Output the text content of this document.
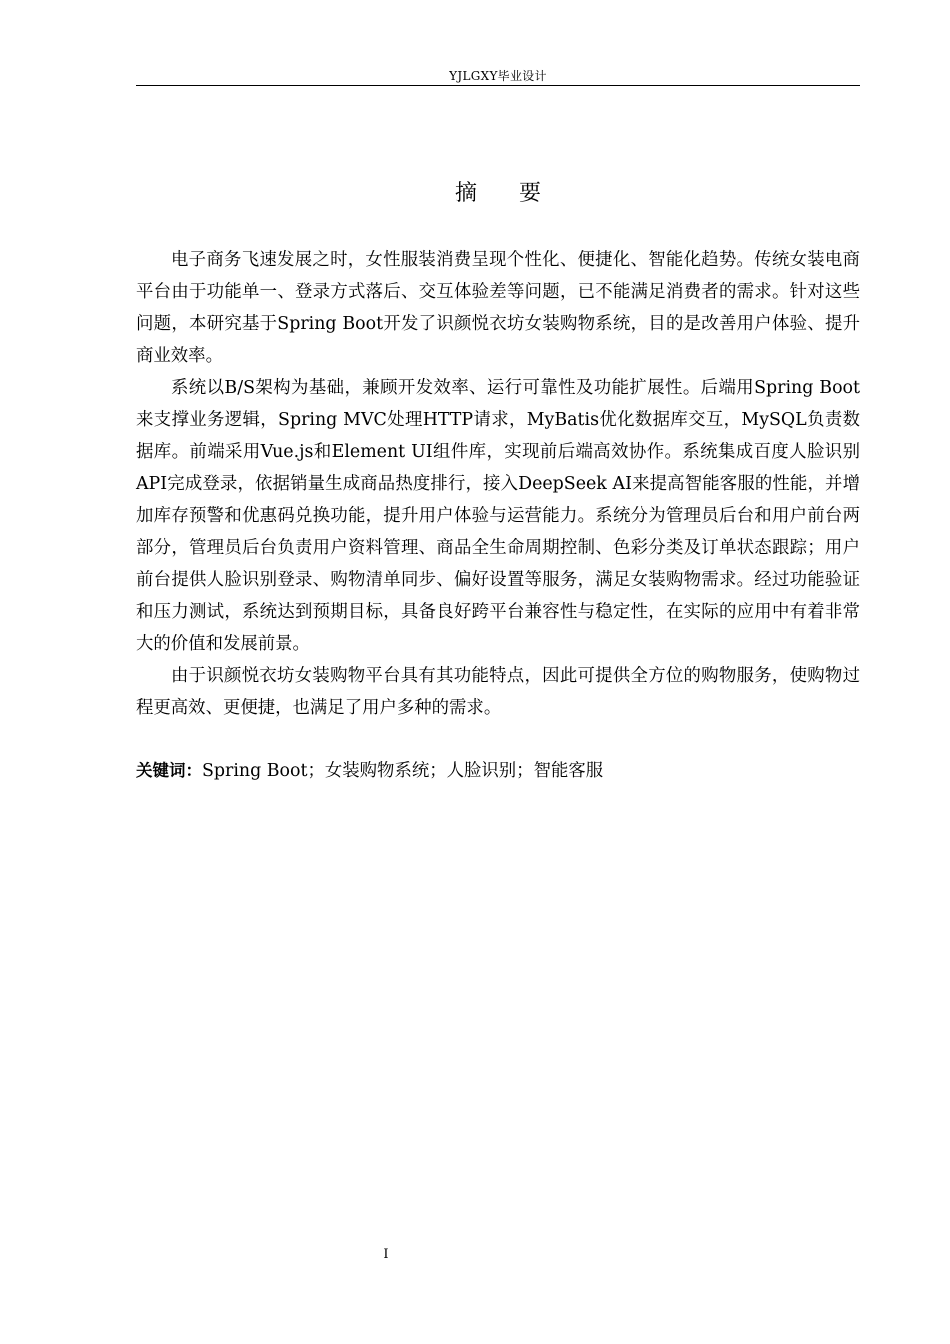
YJLGXY毕业设计
摘要

电子商务飞速发展之时，女性服装消费呈现个性化、便捷化、智能化趋势。传统女装电商平台由于功能单一、登录方式落后、交互体验差等问题，已不能满足消费者的需求。针对这些问题，本研究基于Spring Boot开发了识颜悦衣坊女装购物系统，目的是改善用户体验、提升商业效率。

系统以B/S架构为基础，兼顾开发效率、运行可靠性及功能扩展性。后端用Spring Boot来支撑业务逻辑，Spring MVC处理HTTP请求，MyBatis优化数据库交互，MySQL负责数据库。前端采用Vue.js和Element UI组件库，实现前后端高效协作。系统集成百度人脸识别API完成登录，依据销量生成商品热度排行，接入DeepSeek AI来提高智能客服的性能，并增加库存预警和优惠码兑换功能，提升用户体验与运营能力。系统分为管理员后台和用户前台两部分，管理员后台负责用户资料管理、商品全生命周期控制、色彩分类及订单状态跟踪；用户前台提供人脸识别登录、购物清单同步、偏好设置等服务，满足女装购物需求。经过功能验证和压力测试，系统达到预期目标，具备良好跨平台兼容性与稳定性，在实际的应用中有着非常大的价值和发展前景。

由于识颜悦衣坊女装购物平台具有其功能特点，因此可提供全方位的购物服务，使购物过程更高效、更便捷，也满足了用户多种的需求。

关键词：Spring Boot；女装购物系统；人脸识别；智能客服
I
